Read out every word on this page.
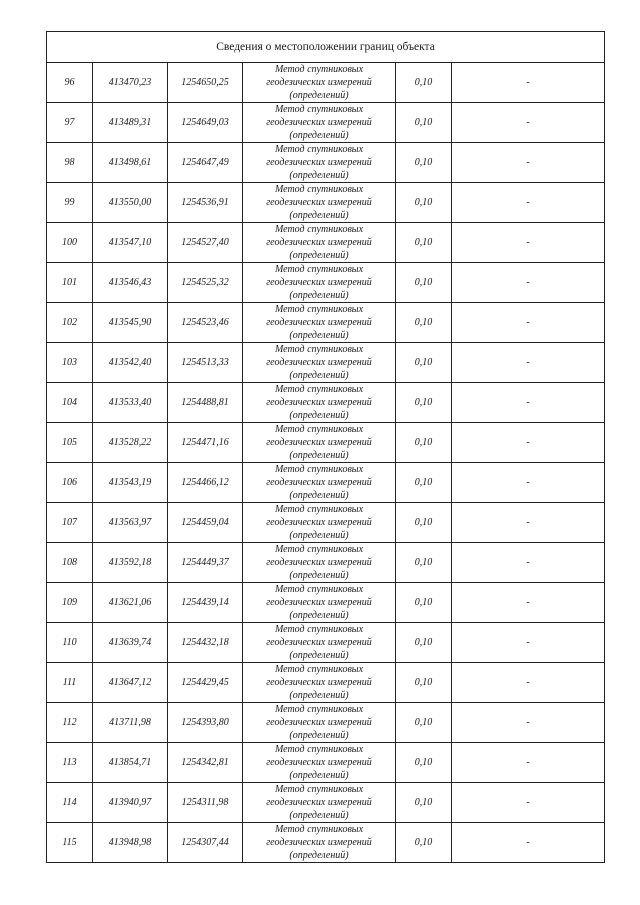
Сведения о местоположении границ объекта					
96	413470,23	1254650,25	Метод спутниковых
геодезических измерений
(определений)	0,10	-
97	413489,31	1254649,03	Метод спутниковых
геодезических измерений
(определений)	0,10	-
98	413498,61	1254647,49	Метод спутниковых
геодезических измерений
(определений)	0,10	-
99	413550,00	1254536,91	Метод спутниковых
геодезических измерений
(определений)	0,10	-
100	413547,10	1254527,40	Метод спутниковых
геодезических измерений
(определений)	0,10	-
101	413546,43	1254525,32	Метод спутниковых
геодезических измерений
(определений)	0,10	-
102	413545,90	1254523,46	Метод спутниковых
геодезических измерений
(определений)	0,10	-
103	413542,40	1254513,33	Метод спутниковых
геодезических измерений
(определений)	0,10	-
104	413533,40	1254488,81	Метод спутниковых
геодезических измерений
(определений)	0,10	-
105	413528,22	1254471,16	Метод спутниковых
геодезических измерений
(определений)	0,10	-
106	413543,19	1254466,12	Метод спутниковых
геодезических измерений
(определений)	0,10	-
107	413563,97	1254459,04	Метод спутниковых
геодезических измерений
(определений)	0,10	-
108	413592,18	1254449,37	Метод спутниковых
геодезических измерений
(определений)	0,10	-
109	413621,06	1254439,14	Метод спутниковых
геодезических измерений
(определений)	0,10	-
110	413639,74	1254432,18	Метод спутниковых
геодезических измерений
(определений)	0,10	-
111	413647,12	1254429,45	Метод спутниковых
геодезических измерений
(определений)	0,10	-
112	413711,98	1254393,80	Метод спутниковых
геодезических измерений
(определений)	0,10	-
113	413854,71	1254342,81	Метод спутниковых
геодезических измерений
(определений)	0,10	-
114	413940,97	1254311,98	Метод спутниковых
геодезических измерений
(определений)	0,10	-
115	413948,98	1254307,44	Метод спутниковых
геодезических измерений
(определений)	0,10	-
